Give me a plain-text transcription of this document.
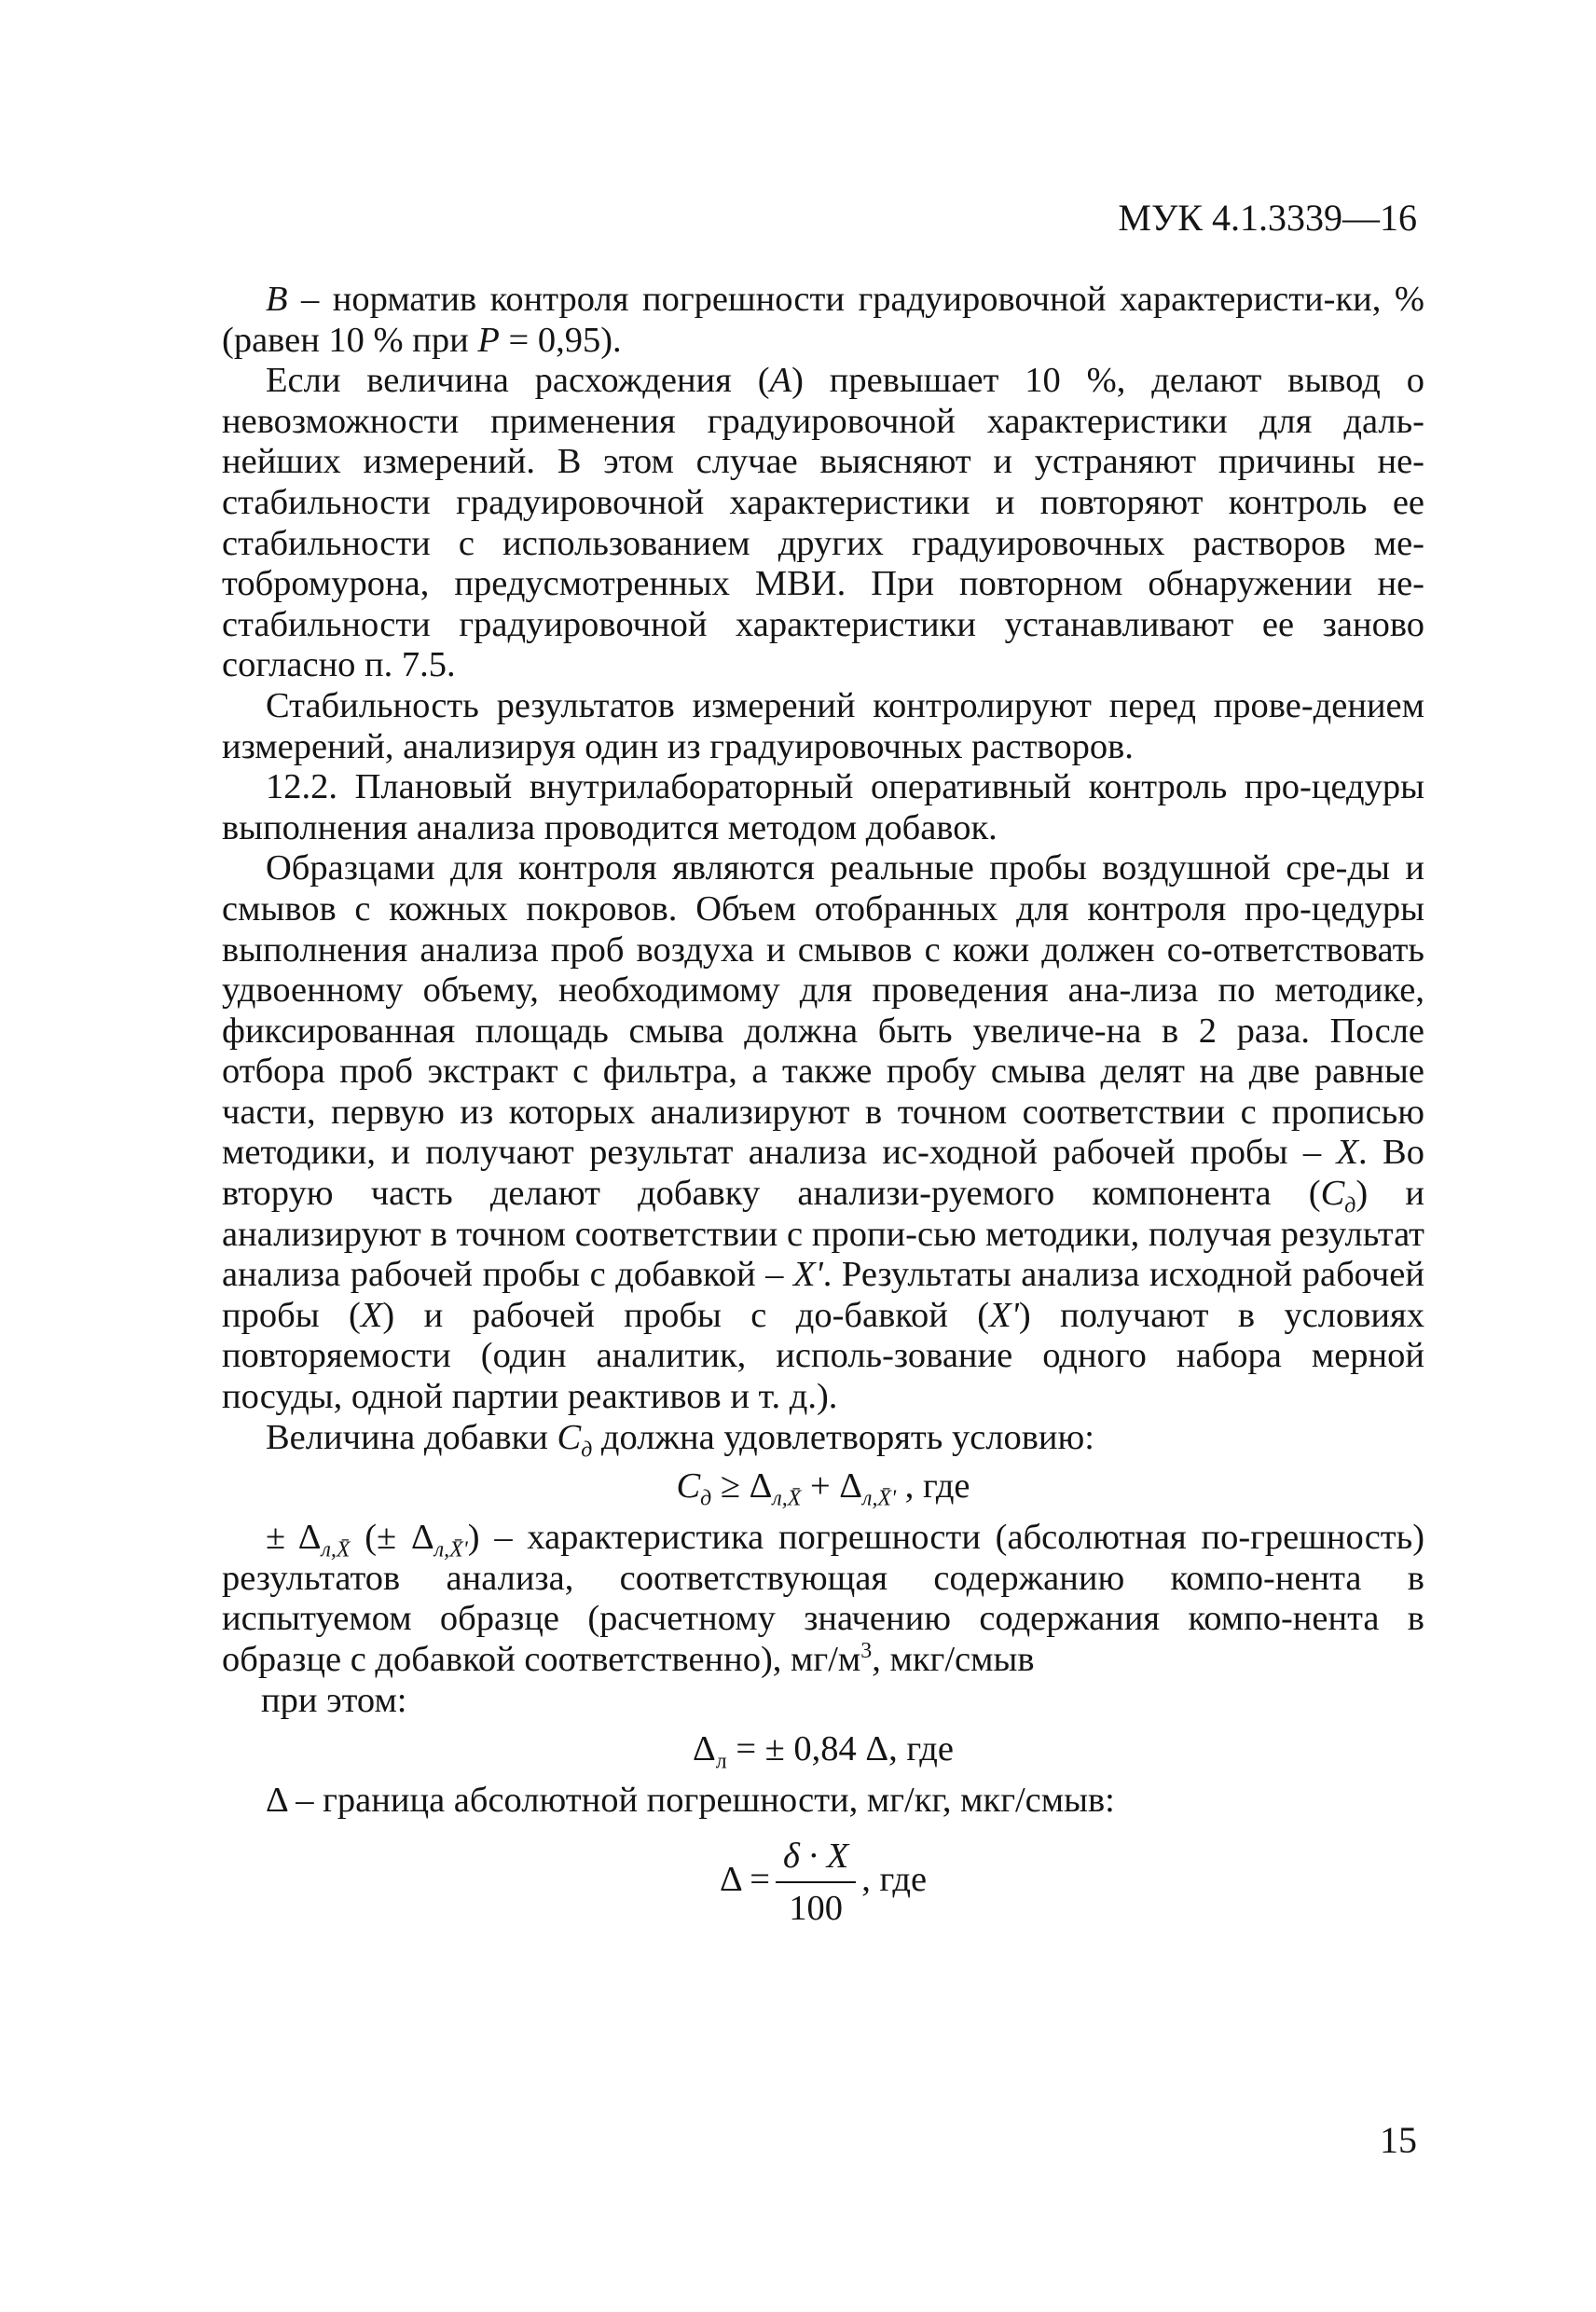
МУК 4.1.3339—16

B – норматив контроля погрешности градуировочной характеристи-ки, % (равен 10 % при P = 0,95).

Если величина расхождения (А) превышает 10 %, делают вывод о невозможности применения градуировочной характеристики для даль-нейших измерений. В этом случае выясняют и устраняют причины не-стабильности градуировочной характеристики и повторяют контроль ее стабильности с использованием других градуировочных растворов ме-тобромурона, предусмотренных МВИ. При повторном обнаружении не-стабильности градуировочной характеристики устанавливают ее заново согласно п. 7.5.

Стабильность результатов измерений контролируют перед прове-дением измерений, анализируя один из градуировочных растворов.

12.2. Плановый внутрилабораторный оперативный контроль про-цедуры выполнения анализа проводится методом добавок.

Образцами для контроля являются реальные пробы воздушной сре-ды и смывов с кожных покровов. Объем отобранных для контроля про-цедуры выполнения анализа проб воздуха и смывов с кожи должен со-ответствовать удвоенному объему, необходимому для проведения ана-лиза по методике, фиксированная площадь смыва должна быть увеличе-на в 2 раза. После отбора проб экстракт с фильтра, а также пробу смыва делят на две равные части, первую из которых анализируют в точном соответствии с прописью методики, и получают результат анализа ис-ходной рабочей пробы – X. Во вторую часть делают добавку анализи-руемого компонента $(С_д)$ и анализируют в точном соответствии с пропи-сью методики, получая результат анализа рабочей пробы с добавкой – X'. Результаты анализа исходной рабочей пробы (X) и рабочей пробы с до-бавкой (X') получают в условиях повторяемости (один аналитик, исполь-зование одного набора мерной посуды, одной партии реактивов и т. д.).

Величина добавки $С_д$ должна удовлетворять условию:

$С_д \ge \Delta_{л,X̄} + \Delta_{л,X̄'}$ , где

± $\Delta_{л,X̄}$ (± $\Delta_{л,X̄'}$) – характеристика погрешности (абсолютная по-грешность) результатов анализа, соответствующая содержанию компо-нента в испытуемом образце (расчетному значению содержания компо-нента в образце с добавкой соответственно), $мг/м^3$, мкг/смыв

при этом:

$\Delta_л$ = ± 0,84 Δ, где

Δ – граница абсолютной погрешности, мг/кг, мкг/смыв:

$\Delta = \frac{\delta \cdot X}{100}$ , где
15
